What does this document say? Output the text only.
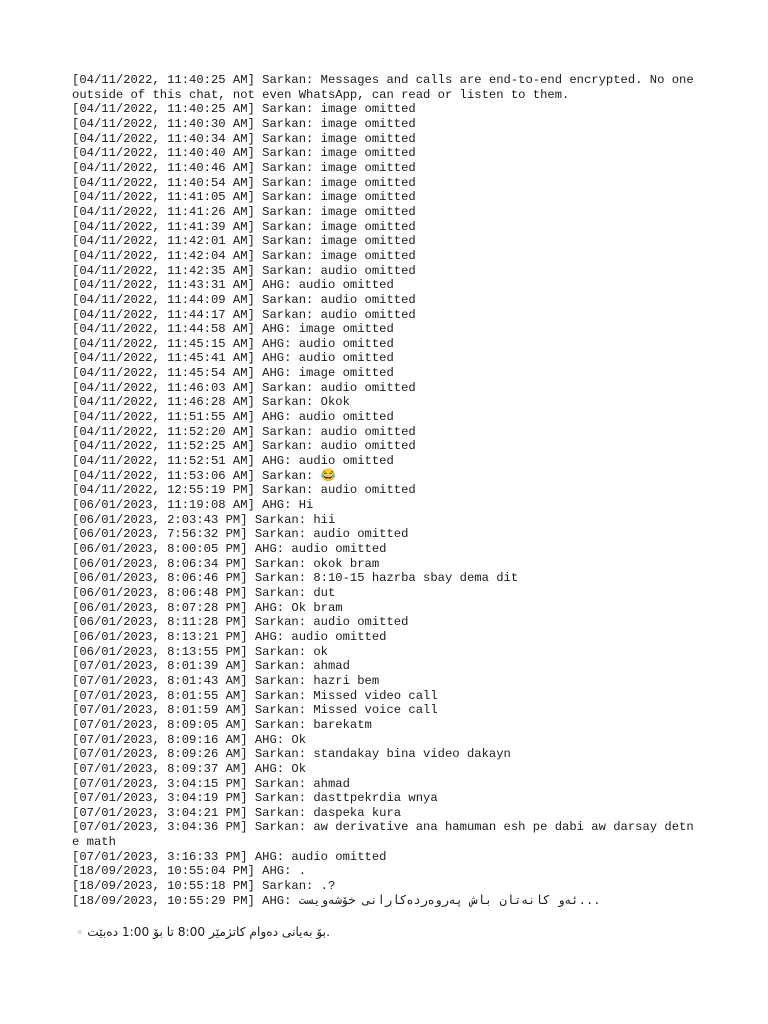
[04/11/2022, 11:40:25 AM] Sarkan: Messages and calls are end-to-end encrypted. No one outside of this chat, not even WhatsApp, can read or listen to them.
[04/11/2022, 11:40:25 AM] Sarkan: image omitted
[04/11/2022, 11:40:30 AM] Sarkan: image omitted
[04/11/2022, 11:40:34 AM] Sarkan: image omitted
[04/11/2022, 11:40:40 AM] Sarkan: image omitted
[04/11/2022, 11:40:46 AM] Sarkan: image omitted
[04/11/2022, 11:40:54 AM] Sarkan: image omitted
[04/11/2022, 11:41:05 AM] Sarkan: image omitted
[04/11/2022, 11:41:26 AM] Sarkan: image omitted
[04/11/2022, 11:41:39 AM] Sarkan: image omitted
[04/11/2022, 11:42:01 AM] Sarkan: image omitted
[04/11/2022, 11:42:04 AM] Sarkan: image omitted
[04/11/2022, 11:42:35 AM] Sarkan: audio omitted
[04/11/2022, 11:43:31 AM] AHG: audio omitted
[04/11/2022, 11:44:09 AM] Sarkan: audio omitted
[04/11/2022, 11:44:17 AM] Sarkan: audio omitted
[04/11/2022, 11:44:58 AM] AHG: image omitted
[04/11/2022, 11:45:15 AM] AHG: audio omitted
[04/11/2022, 11:45:41 AM] AHG: audio omitted
[04/11/2022, 11:45:54 AM] AHG: image omitted
[04/11/2022, 11:46:03 AM] Sarkan: audio omitted
[04/11/2022, 11:46:28 AM] Sarkan: Okok
[04/11/2022, 11:51:55 AM] AHG: audio omitted
[04/11/2022, 11:52:20 AM] Sarkan: audio omitted
[04/11/2022, 11:52:25 AM] Sarkan: audio omitted
[04/11/2022, 11:52:51 AM] AHG: audio omitted
[04/11/2022, 11:53:06 AM] Sarkan: 😂
[04/11/2022, 12:55:19 PM] Sarkan: audio omitted
[06/01/2023, 11:19:08 AM] AHG: Hi
[06/01/2023, 2:03:43 PM] Sarkan: hii
[06/01/2023, 7:56:32 PM] Sarkan: audio omitted
[06/01/2023, 8:00:05 PM] AHG: audio omitted
[06/01/2023, 8:06:34 PM] Sarkan: okok bram
[06/01/2023, 8:06:46 PM] Sarkan: 8:10-15 hazrba sbay dema dit
[06/01/2023, 8:06:48 PM] Sarkan: dut
[06/01/2023, 8:07:28 PM] AHG: Ok bram
[06/01/2023, 8:11:28 PM] Sarkan: audio omitted
[06/01/2023, 8:13:21 PM] AHG: audio omitted
[06/01/2023, 8:13:55 PM] Sarkan: ok
[07/01/2023, 8:01:39 AM] Sarkan: ahmad
[07/01/2023, 8:01:43 AM] Sarkan: hazri bem
[07/01/2023, 8:01:55 AM] Sarkan: Missed video call
[07/01/2023, 8:01:59 AM] Sarkan: Missed voice call
[07/01/2023, 8:09:05 AM] Sarkan: barekatm
[07/01/2023, 8:09:16 AM] AHG: Ok
[07/01/2023, 8:09:26 AM] Sarkan: standakay bina video dakayn
[07/01/2023, 8:09:37 AM] AHG: Ok
[07/01/2023, 3:04:15 PM] Sarkan: ahmad
[07/01/2023, 3:04:19 PM] Sarkan: dasttpekrdia wnya
[07/01/2023, 3:04:21 PM] Sarkan: daspeka kura
[07/01/2023, 3:04:36 PM] Sarkan: aw derivative ana hamuman esh pe dabi aw darsay detn e math
[07/01/2023, 3:16:33 PM] AHG: audio omitted
[18/09/2023, 10:55:04 PM] AHG: .
[18/09/2023, 10:55:18 PM] Sarkan: .?
[18/09/2023, 10:55:29 PM] AHG: ئەو کانەتان باش پەروەردەکارانی خۆشەویست...
▫️بۆ بەیانی دەوام کاتژمێر 8:00 تا بۆ 1:00 دەبێت.
